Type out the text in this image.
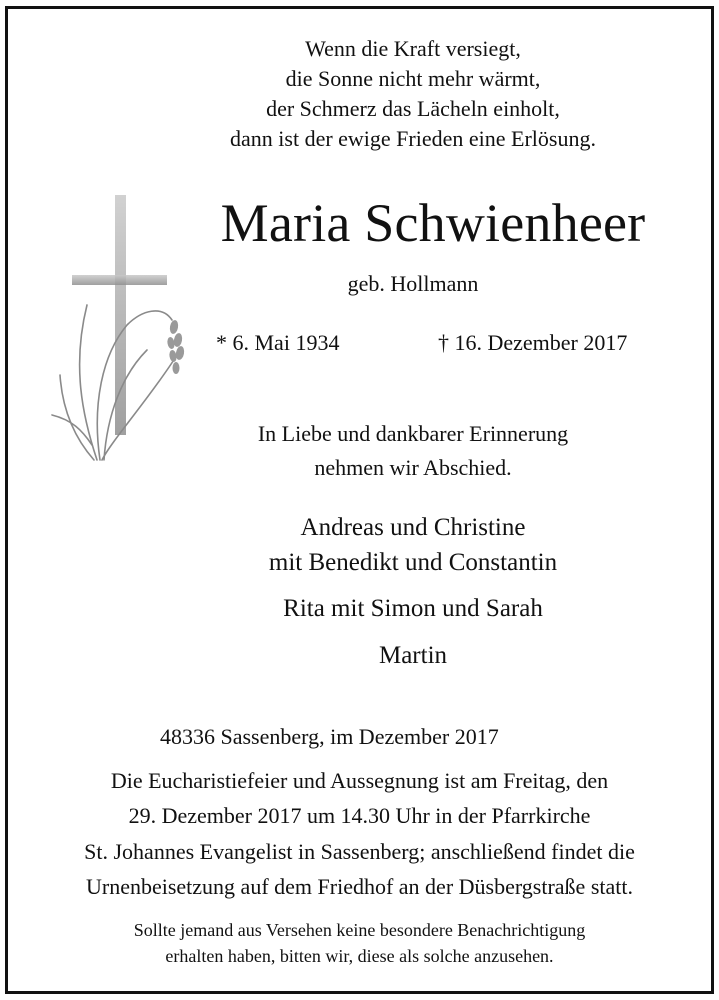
Wenn die Kraft versiegt,
die Sonne nicht mehr wärmt,
der Schmerz das Lächeln einholt,
dann ist der ewige Frieden eine Erlösung.
Maria Schwienheer
geb. Hollmann
* 6. Mai 1934	† 16. Dezember 2017
In Liebe und dankbarer Erinnerung
nehmen wir Abschied.
Andreas und Christine
mit Benedikt und Constantin
Rita mit Simon und Sarah
Martin
48336 Sassenberg, im Dezember 2017
Die Eucharistiefeier und Aussegnung ist am Freitag, den
29. Dezember 2017 um 14.30 Uhr in der Pfarrkirche
St. Johannes Evangelist in Sassenberg; anschließend findet die
Urnenbeisetzung auf dem Friedhof an der Düsbergstraße statt.
Sollte jemand aus Versehen keine besondere Benachrichtigung
erhalten haben, bitten wir, diese als solche anzusehen.
